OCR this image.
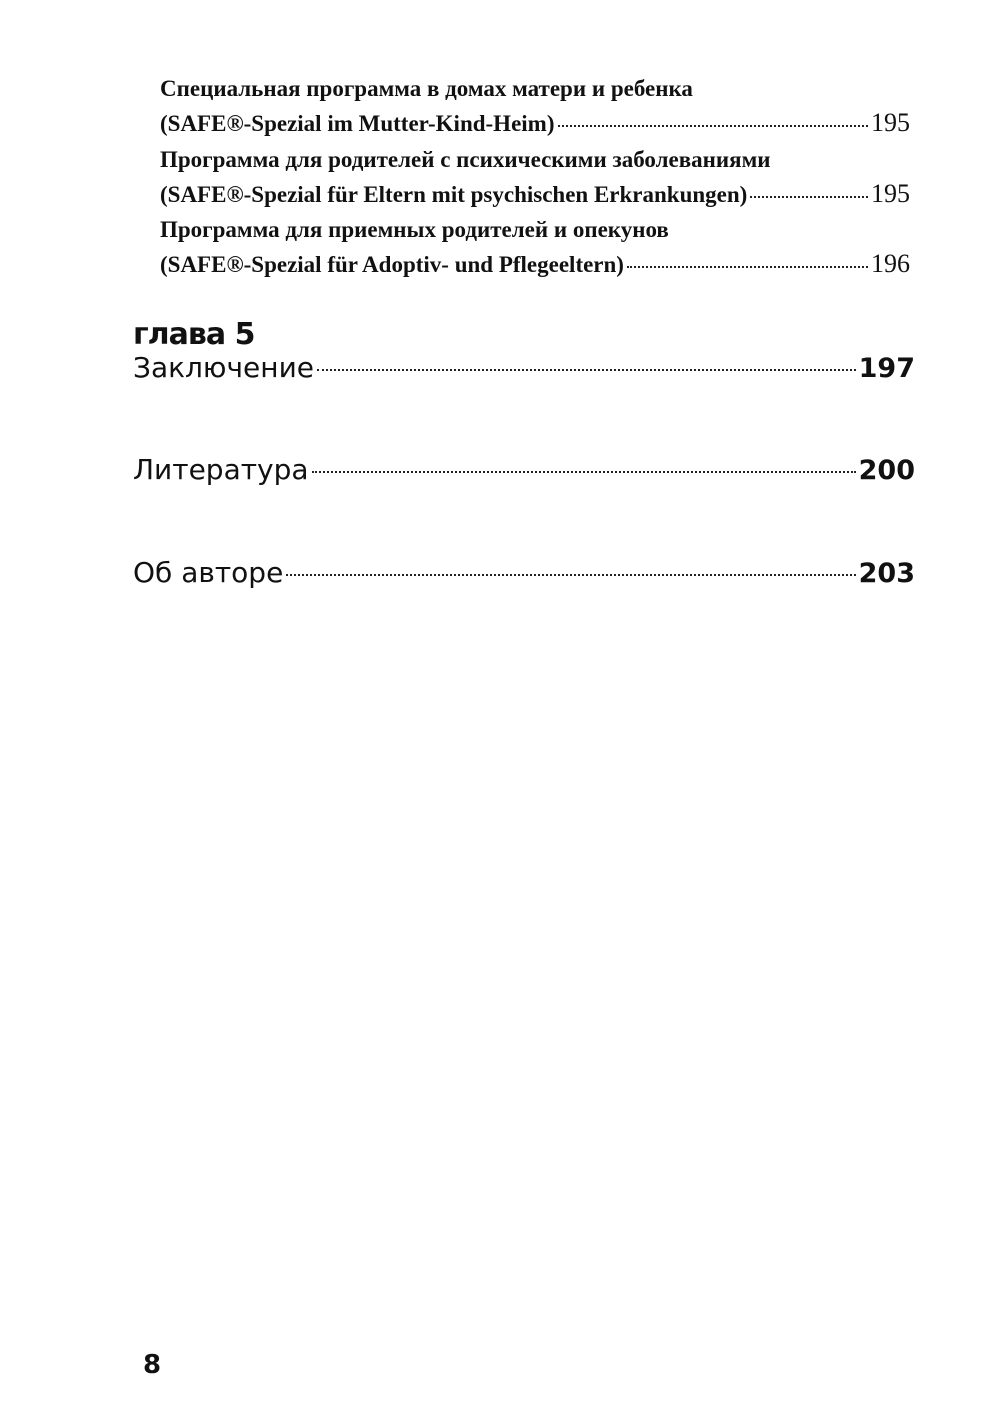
Специальная программа в домах матери и ребенка
(SAFE®-Spezial im Mutter-Kind-Heim)	195
Программа для родителей с психическими заболеваниями
(SAFE®-Spezial für Eltern mit psychischen Erkrankungen)	195
Программа для приемных родителей и опекунов
(SAFE®-Spezial für Adoptiv- und Pflegeeltern)	196
глава 5
Заключение	197
Литература	200
Об авторе	203
8
